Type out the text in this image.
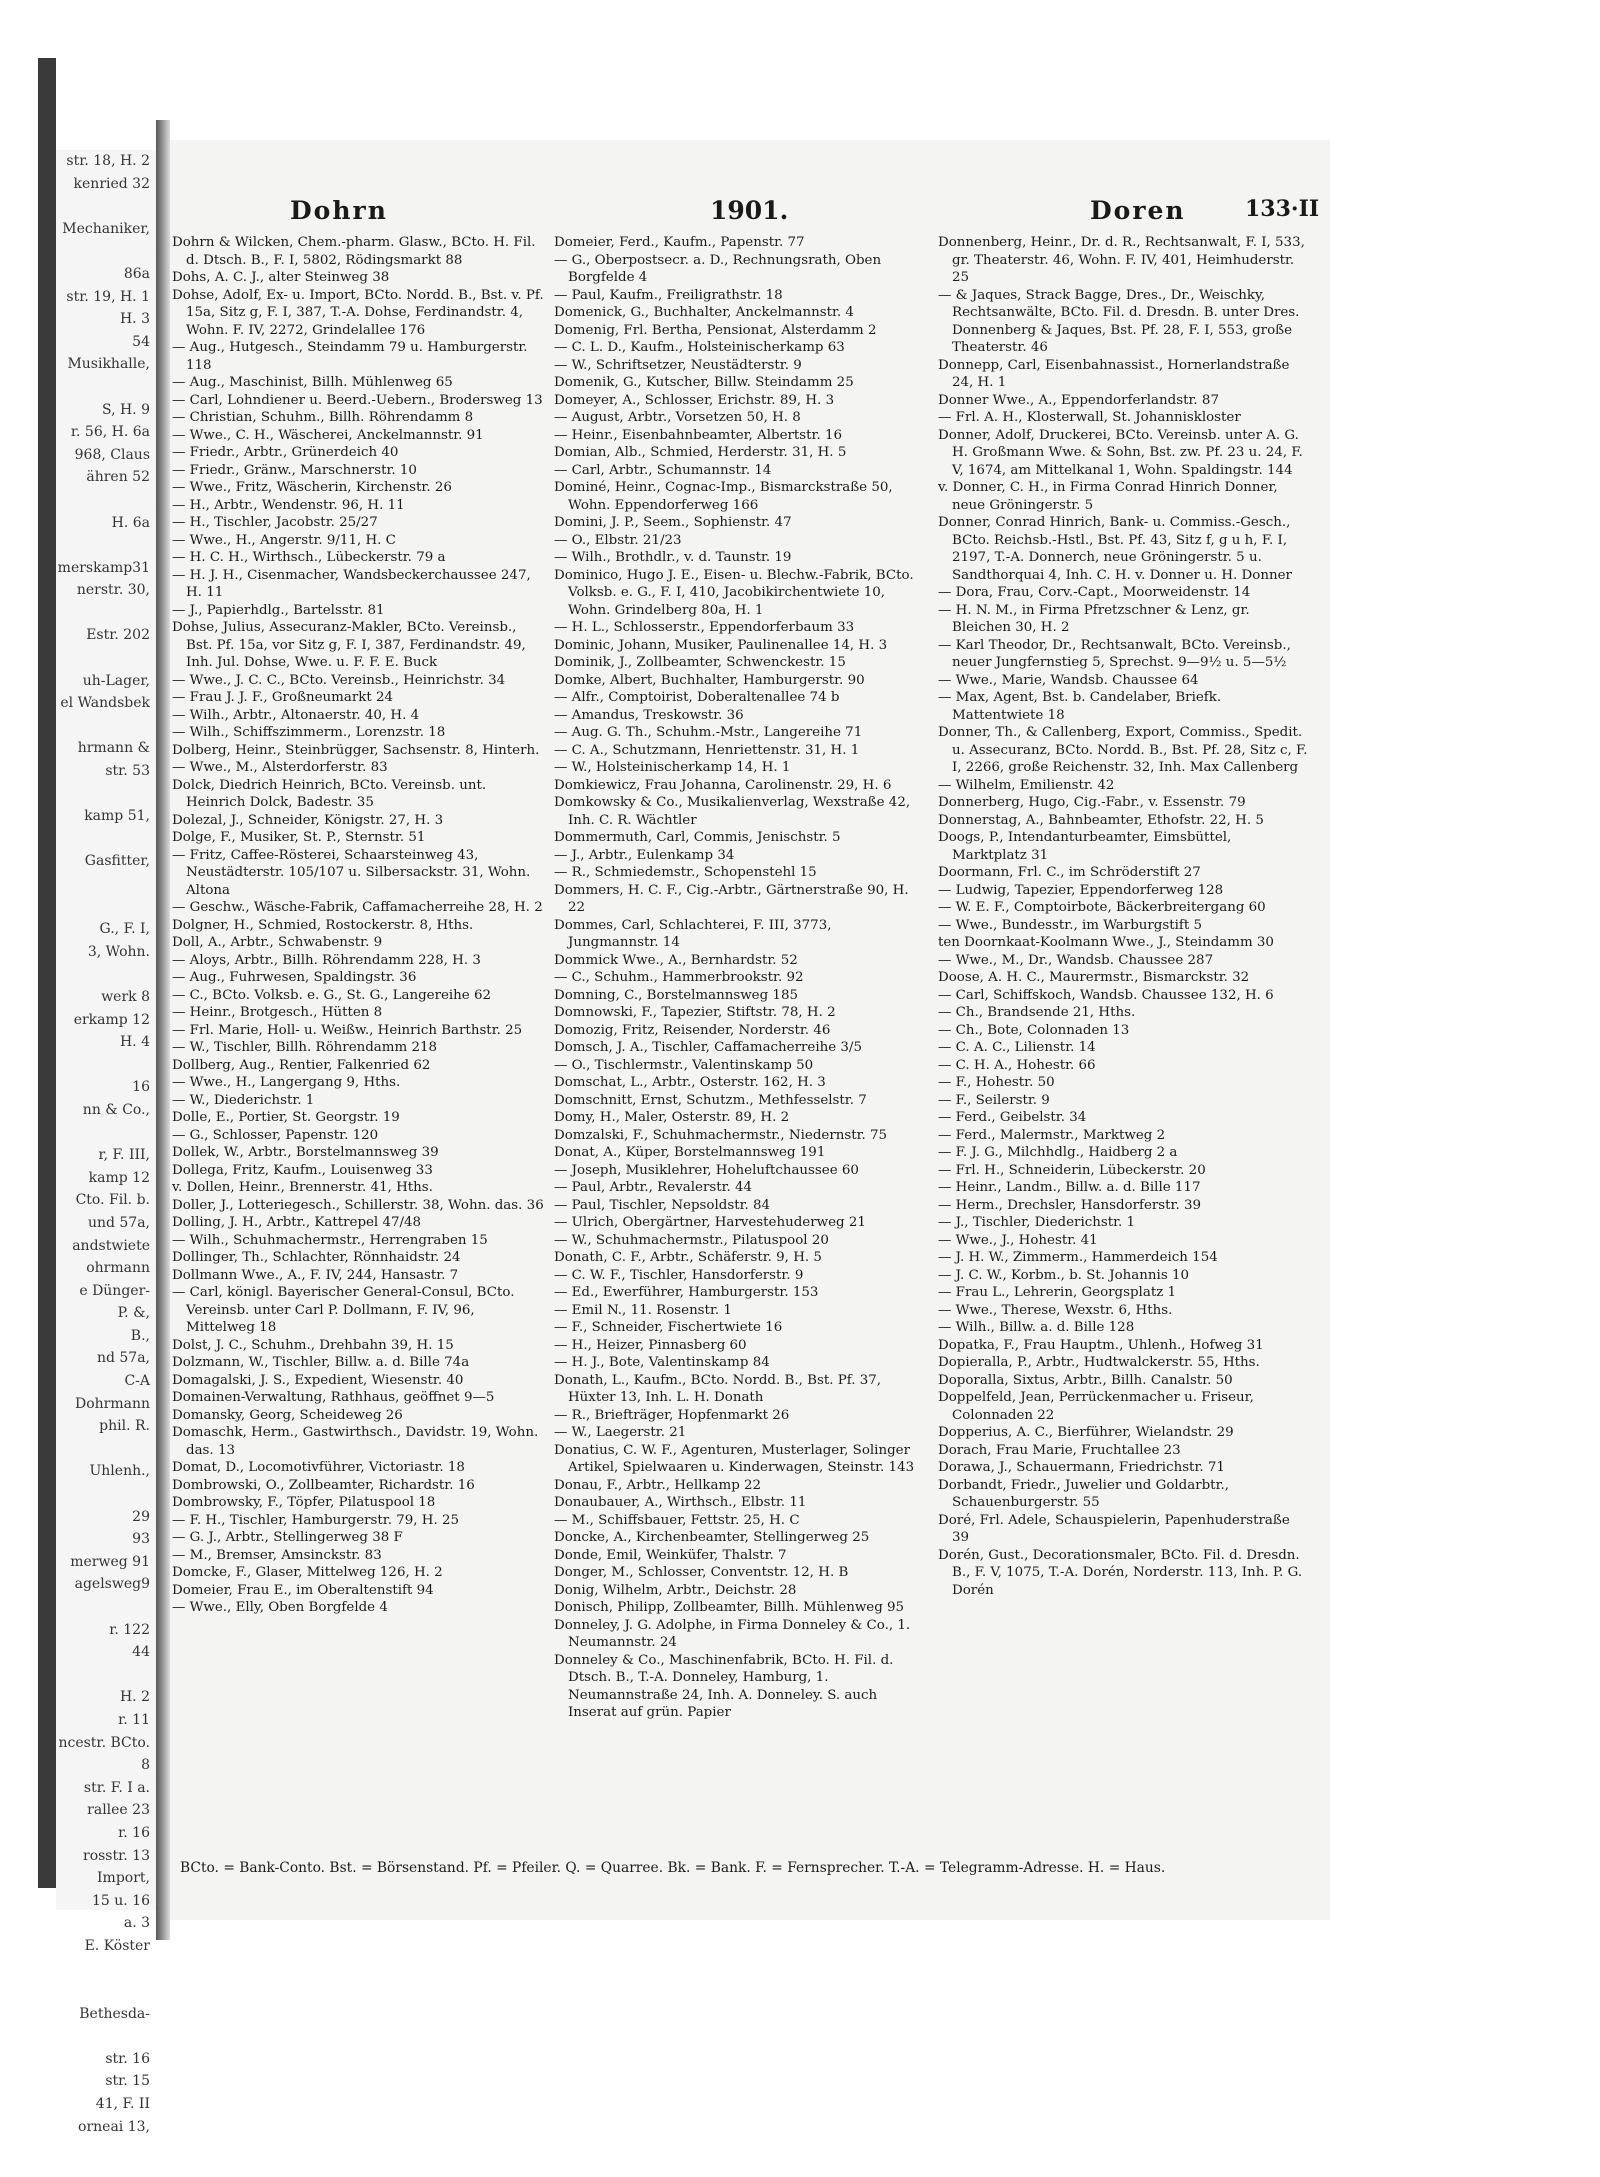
str. 18, H. 2
kenried 32

Mechaniker,

86a
str. 19, H. 1
H. 3
54
Musikhalle,

S, H. 9
r. 56, H. 6a
968, Claus
ähren 52

H. 6a

merskamp31
nerstr. 30,

Estr. 202

uh-Lager,
el Wandsbek

hrmann &
str. 53

kamp 51,

Gasfitter,

G., F. I,
3, Wohn.

werk 8
erkamp 12
H. 4

16
nn & Co.,

r, F. III,
kamp 12
Cto. Fil. b.
und 57a,
andstwiete
ohrmann
e Dünger-
P. &,
B.,
nd 57a,
C-A
Dohrmann
phil. R.

Uhlenh.,

29
93
merweg 91
agelsweg9

r. 122
44

H. 2
r. 11
ncestr. BCto.
8
str. F. I a.
rallee 23
r. 16
rosstr. 13
Import,
15 u. 16
a. 3
E. Köster

Bethesda-

str. 16
str. 15
41, F. II
orneai 13,
Dohrn	1901.	Doren	133·II
Dohrn & Wilcken, Chem.-pharm. Glasw., BCto. H. Fil. d. Dtsch. B., F. I, 5802, Rödingsmarkt 88
Dohs, A. C. J., alter Steinweg 38
Dohse, Adolf, Ex- u. Import, BCto. Nordd. B., Bst. v. Pf. 15a, Sitz g, F. I, 387, T.-A. Dohse, Ferdinandstr. 4, Wohn. F. IV, 2272, Grindelallee 176
— Aug., Hutgesch., Steindamm 79 u. Hamburgerstr. 118
— Aug., Maschinist, Billh. Mühlenweg 65
— Carl, Lohndiener u. Beerd.-Uebern., Brodersweg 13
— Christian, Schuhm., Billh. Röhrendamm 8
— Wwe., C. H., Wäscherei, Anckelmannstr. 91
— Friedr., Arbtr., Grünerdeich 40
— Friedr., Gränw., Marschnerstr. 10
— Wwe., Fritz, Wäscherin, Kirchenstr. 26
— H., Arbtr., Wendenstr. 96, H. 11
— H., Tischler, Jacobstr. 25/27
— Wwe., H., Angerstr. 9/11, H. C
— H. C. H., Wirthsch., Lübeckerstr. 79 a
— H. J. H., Cisenmacher, Wandsbeckerchaussee 247, H. 11
— J., Papierhdlg., Bartelsstr. 81
Dohse, Julius, Assecuranz-Makler, BCto. Vereinsb., Bst. Pf. 15a, vor Sitz g, F. I, 387, Ferdinandstr. 49, Inh. Jul. Dohse, Wwe. u. F. F. E. Buck
— Wwe., J. C. C., BCto. Vereinsb., Heinrichstr. 34
— Frau J. J. F., Großneumarkt 24
— Wilh., Arbtr., Altonaerstr. 40, H. 4
— Wilh., Schiffszimmerm., Lorenzstr. 18
Dolberg, Heinr., Steinbrügger, Sachsenstr. 8, Hinterh.
— Wwe., M., Alsterdorferstr. 83
Dolck, Diedrich Heinrich, BCto. Vereinsb. unt. Heinrich Dolck, Badestr. 35
Dolezal, J., Schneider, Königstr. 27, H. 3
Dolge, F., Musiker, St. P., Sternstr. 51
— Fritz, Caffee-Rösterei, Schaarsteinweg 43, Neustädterstr. 105/107 u. Silbersackstr. 31, Wohn. Altona
— Geschw., Wäsche-Fabrik, Caffamacherreihe 28, H. 2
Dolgner, H., Schmied, Rostockerstr. 8, Hths.
Doll, A., Arbtr., Schwabenstr. 9
— Aloys, Arbtr., Billh. Röhrendamm 228, H. 3
— Aug., Fuhrwesen, Spaldingstr. 36
— C., BCto. Volksb. e. G., St. G., Langereihe 62
— Heinr., Brotgesch., Hütten 8
— Frl. Marie, Holl- u. Weißw., Heinrich Barthstr. 25
— W., Tischler, Billh. Röhrendamm 218
Dollberg, Aug., Rentier, Falkenried 62
— Wwe., H., Langergang 9, Hths.
— W., Diederichstr. 1
Dolle, E., Portier, St. Georgstr. 19
— G., Schlosser, Papenstr. 120
Dollek, W., Arbtr., Borstelmannsweg 39
Dollega, Fritz, Kaufm., Louisenweg 33
v. Dollen, Heinr., Brennerstr. 41, Hths.
Doller, J., Lotteriegesch., Schillerstr. 38, Wohn. das. 36
Dolling, J. H., Arbtr., Kattrepel 47/48
— Wilh., Schuhmachermstr., Herrengraben 15
Dollinger, Th., Schlachter, Rönnhaidstr. 24
Dollmann Wwe., A., F. IV, 244, Hansastr. 7
— Carl, königl. Bayerischer General-Consul, BCto. Vereinsb. unter Carl P. Dollmann, F. IV, 96, Mittelweg 18
Dolst, J. C., Schuhm., Drehbahn 39, H. 15
Dolzmann, W., Tischler, Billw. a. d. Bille 74a
Domagalski, J. S., Expedient, Wiesenstr. 40
Domainen-Verwaltung, Rathhaus, geöffnet 9—5
Domansky, Georg, Scheideweg 26
Domaschk, Herm., Gastwirthsch., Davidstr. 19, Wohn. das. 13
Domat, D., Locomotivführer, Victoriastr. 18
Dombrowski, O., Zollbeamter, Richardstr. 16
Dombrowsky, F., Töpfer, Pilatuspool 18
— F. H., Tischler, Hamburgerstr. 79, H. 25
— G. J., Arbtr., Stellingerweg 38 F
— M., Bremser, Amsinckstr. 83
Domcke, F., Glaser, Mittelweg 126, H. 2
Domeier, Frau E., im Oberaltenstift 94
— Wwe., Elly, Oben Borgfelde 4
Domeier, Ferd., Kaufm., Papenstr. 77
— G., Oberpostsecr. a. D., Rechnungsrath, Oben Borgfelde 4
— Paul, Kaufm., Freiligrathstr. 18
Domenick, G., Buchhalter, Anckelmannstr. 4
Domenig, Frl. Bertha, Pensionat, Alsterdamm 2
— C. L. D., Kaufm., Holsteinischerkamp 63
— W., Schriftsetzer, Neustädterstr. 9
Domenik, G., Kutscher, Billw. Steindamm 25
Domeyer, A., Schlosser, Erichstr. 89, H. 3
— August, Arbtr., Vorsetzen 50, H. 8
— Heinr., Eisenbahnbeamter, Albertstr. 16
Domian, Alb., Schmied, Herderstr. 31, H. 5
— Carl, Arbtr., Schumannstr. 14
Dominé, Heinr., Cognac-Imp., Bismarckstraße 50, Wohn. Eppendorferweg 166
Domini, J. P., Seem., Sophienstr. 47
— O., Elbstr. 21/23
— Wilh., Brothdlr., v. d. Taunstr. 19
Dominico, Hugo J. E., Eisen- u. Blechw.-Fabrik, BCto. Volksb. e. G., F. I, 410, Jacobikirchentwiete 10, Wohn. Grindelberg 80a, H. 1
— H. L., Schlosserstr., Eppendorferbaum 33
Dominic, Johann, Musiker, Paulinenallee 14, H. 3
Dominik, J., Zollbeamter, Schwenckestr. 15
Domke, Albert, Buchhalter, Hamburgerstr. 90
— Alfr., Comptoirist, Doberaltenallee 74 b
— Amandus, Treskowstr. 36
— Aug. G. Th., Schuhm.-Mstr., Langereihe 71
— C. A., Schutzmann, Henriettenstr. 31, H. 1
— W., Holsteinischerkamp 14, H. 1
Domkiewicz, Frau Johanna, Carolinenstr. 29, H. 6
Domkowsky & Co., Musikalienverlag, Wexstraße 42, Inh. C. R. Wächtler
Dommermuth, Carl, Commis, Jenischstr. 5
— J., Arbtr., Eulenkamp 34
— R., Schmiedemstr., Schopenstehl 15
Dommers, H. C. F., Cig.-Arbtr., Gärtnerstraße 90, H. 22
Dommes, Carl, Schlachterei, F. III, 3773, Jungmannstr. 14
Dommick Wwe., A., Bernhardstr. 52
— C., Schuhm., Hammerbrookstr. 92
Domning, C., Borstelmannsweg 185
Domnowski, F., Tapezier, Stiftstr. 78, H. 2
Domozig, Fritz, Reisender, Norderstr. 46
Domsch, J. A., Tischler, Caffamacherreihe 3/5
— O., Tischlermstr., Valentinskamp 50
Domschat, L., Arbtr., Osterstr. 162, H. 3
Domschnitt, Ernst, Schutzm., Methfesselstr. 7
Domy, H., Maler, Osterstr. 89, H. 2
Domzalski, F., Schuhmachermstr., Niedernstr. 75
Donat, A., Küper, Borstelmannsweg 191
— Joseph, Musiklehrer, Hoheluftchaussee 60
— Paul, Arbtr., Revalerstr. 44
— Paul, Tischler, Nepsoldstr. 84
— Ulrich, Obergärtner, Harvestehuderweg 21
— W., Schuhmachermstr., Pilatuspool 20
Donath, C. F., Arbtr., Schäferstr. 9, H. 5
— C. W. F., Tischler, Hansdorferstr. 9
— Ed., Ewerführer, Hamburgerstr. 153
— Emil N., 11. Rosenstr. 1
— F., Schneider, Fischertwiete 16
— H., Heizer, Pinnasberg 60
— H. J., Bote, Valentinskamp 84
Donath, L., Kaufm., BCto. Nordd. B., Bst. Pf. 37, Hüxter 13, Inh. L. H. Donath
— R., Briefträger, Hopfenmarkt 26
— W., Laegerstr. 21
Donatius, C. W. F., Agenturen, Musterlager, Solinger Artikel, Spielwaaren u. Kinderwagen, Steinstr. 143
Donau, F., Arbtr., Hellkamp 22
Donaubauer, A., Wirthsch., Elbstr. 11
— M., Schiffsbauer, Fettstr. 25, H. C
Doncke, A., Kirchenbeamter, Stellingerweg 25
Donde, Emil, Weinküfer, Thalstr. 7
Donger, M., Schlosser, Conventstr. 12, H. B
Donig, Wilhelm, Arbtr., Deichstr. 28
Donisch, Philipp, Zollbeamter, Billh. Mühlenweg 95
Donneley, J. G. Adolphe, in Firma Donneley & Co., 1. Neumannstr. 24
Donneley & Co., Maschinenfabrik, BCto. H. Fil. d. Dtsch. B., T.-A. Donneley, Hamburg, 1. Neumannstraße 24, Inh. A. Donneley. S. auch Inserat auf grün. Papier
Donnenberg, Heinr., Dr. d. R., Rechtsanwalt, F. I, 533, gr. Theaterstr. 46, Wohn. F. IV, 401, Heimhuderstr. 25
— & Jaques, Strack Bagge, Dres., Dr., Weischky, Rechtsanwälte, BCto. Fil. d. Dresdn. B. unter Dres. Donnenberg & Jaques, Bst. Pf. 28, F. I, 553, große Theaterstr. 46
Donnepp, Carl, Eisenbahnassist., Hornerlandstraße 24, H. 1
Donner Wwe., A., Eppendorferlandstr. 87
— Frl. A. H., Klosterwall, St. Johanniskloster
Donner, Adolf, Druckerei, BCto. Vereinsb. unter A. G. H. Großmann Wwe. & Sohn, Bst. zw. Pf. 23 u. 24, F. V, 1674, am Mittelkanal 1, Wohn. Spaldingstr. 144
v. Donner, C. H., in Firma Conrad Hinrich Donner, neue Gröningerstr. 5
Donner, Conrad Hinrich, Bank- u. Commiss.-Gesch., BCto. Reichsb.-Hstl., Bst. Pf. 43, Sitz f, g u h, F. I, 2197, T.-A. Donnerch, neue Gröningerstr. 5 u. Sandthorquai 4, Inh. C. H. v. Donner u. H. Donner
— Dora, Frau, Corv.-Capt., Moorweidenstr. 14
— H. N. M., in Firma Pfretzschner & Lenz, gr. Bleichen 30, H. 2
— Karl Theodor, Dr., Rechtsanwalt, BCto. Vereinsb., neuer Jungfernstieg 5, Sprechst. 9—9½ u. 5—5½
— Wwe., Marie, Wandsb. Chaussee 64
— Max, Agent, Bst. b. Candelaber, Briefk. Mattentwiete 18
Donner, Th., & Callenberg, Export, Commiss., Spedit. u. Assecuranz, BCto. Nordd. B., Bst. Pf. 28, Sitz c, F. I, 2266, große Reichenstr. 32, Inh. Max Callenberg
— Wilhelm, Emilienstr. 42
Donnerberg, Hugo, Cig.-Fabr., v. Essenstr. 79
Donnerstag, A., Bahnbeamter, Ethofstr. 22, H. 5
Doogs, P., Intendanturbeamter, Eimsbüttel, Marktplatz 31
Doormann, Frl. C., im Schröderstift 27
— Ludwig, Tapezier, Eppendorferweg 128
— W. E. F., Comptoirbote, Bäckerbreitergang 60
— Wwe., Bundesstr., im Warburgstift 5
ten Doornkaat-Koolmann Wwe., J., Steindamm 30
— Wwe., M., Dr., Wandsb. Chaussee 287
Doose, A. H. C., Maurermstr., Bismarckstr. 32
— Carl, Schiffskoch, Wandsb. Chaussee 132, H. 6
— Ch., Brandsende 21, Hths.
— Ch., Bote, Colonnaden 13
— C. A. C., Lilienstr. 14
— C. H. A., Hohestr. 66
— F., Hohestr. 50
— F., Seilerstr. 9
— Ferd., Geibelstr. 34
— Ferd., Malermstr., Marktweg 2
— F. J. G., Milchhdlg., Haidberg 2 a
— Frl. H., Schneiderin, Lübeckerstr. 20
— Heinr., Landm., Billw. a. d. Bille 117
— Herm., Drechsler, Hansdorferstr. 39
— J., Tischler, Diederichstr. 1
— Wwe., J., Hohestr. 41
— J. H. W., Zimmerm., Hammerdeich 154
— J. C. W., Korbm., b. St. Johannis 10
— Frau L., Lehrerin, Georgsplatz 1
— Wwe., Therese, Wexstr. 6, Hths.
— Wilh., Billw. a. d. Bille 128
Dopatka, F., Frau Hauptm., Uhlenh., Hofweg 31
Dopieralla, P., Arbtr., Hudtwalckerstr. 55, Hths.
Doporalla, Sixtus, Arbtr., Billh. Canalstr. 50
Doppelfeld, Jean, Perrückenmacher u. Friseur, Colonnaden 22
Dopperius, A. C., Bierführer, Wielandstr. 29
Dorach, Frau Marie, Fruchtallee 23
Dorawa, J., Schauermann, Friedrichstr. 71
Dorbandt, Friedr., Juwelier und Goldarbtr., Schauenburgerstr. 55
Doré, Frl. Adele, Schauspielerin, Papenhuderstraße 39
Dorén, Gust., Decorationsmaler, BCto. Fil. d. Dresdn. B., F. V, 1075, T.-A. Dorén, Norderstr. 113, Inh. P. G. Dorén
BCto. = Bank-Conto. Bst. = Börsenstand. Pf. = Pfeiler. Q. = Quarree. Bk. = Bank. F. = Fernsprecher. T.-A. = Telegramm-Adresse. H. = Haus.
